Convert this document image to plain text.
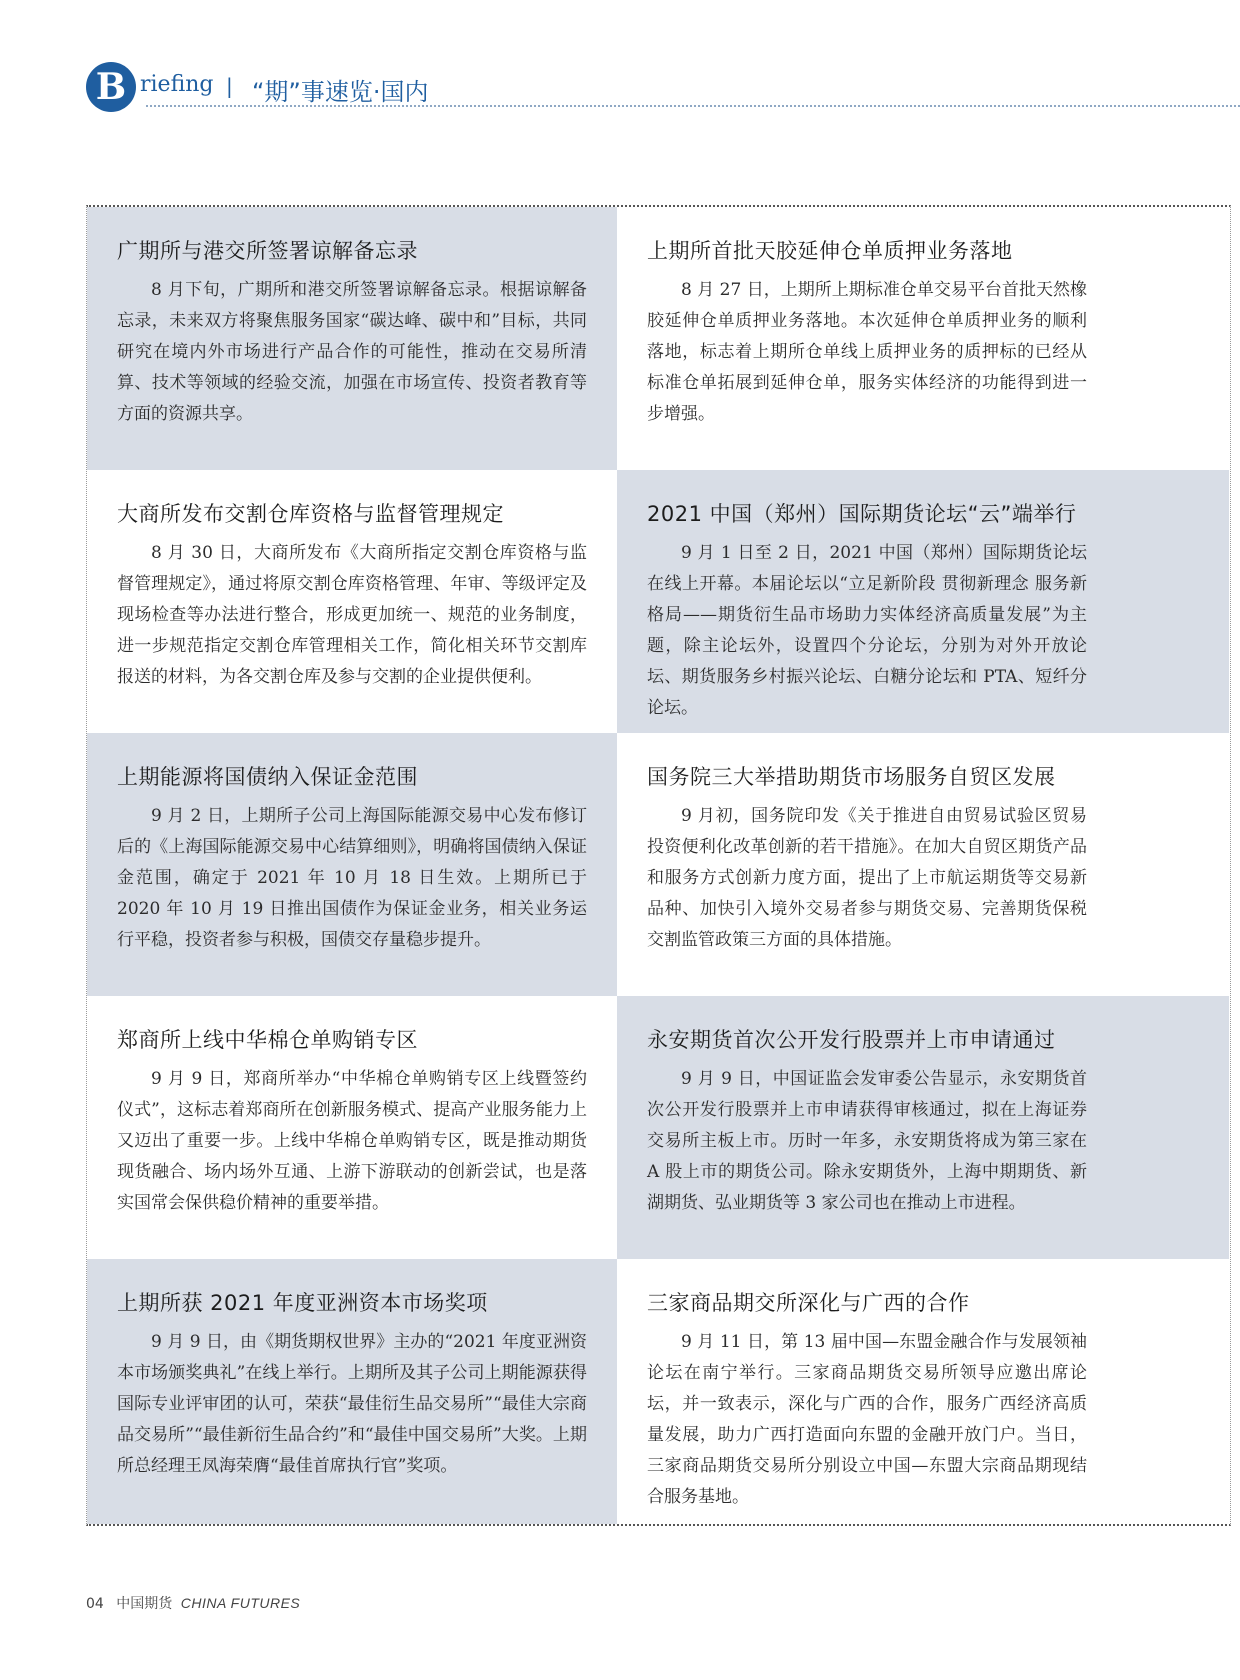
B riefing | “期”事速览·国内
广期所与港交所签署谅解备忘录

8 月下旬，广期所和港交所签署谅解备忘录。根据谅解备忘录，未来双方将聚焦服务国家“碳达峰、碳中和”目标，共同研究在境内外市场进行产品合作的可能性，推动在交易所清算、技术等领域的经验交流，加强在市场宣传、投资者教育等方面的资源共享。

上期所首批天胶延伸仓单质押业务落地

8 月 27 日，上期所上期标准仓单交易平台首批天然橡胶延伸仓单质押业务落地。本次延伸仓单质押业务的顺利落地，标志着上期所仓单线上质押业务的质押标的已经从标准仓单拓展到延伸仓单，服务实体经济的功能得到进一步增强。

大商所发布交割仓库资格与监督管理规定

8 月 30 日，大商所发布《大商所指定交割仓库资格与监督管理规定》，通过将原交割仓库资格管理、年审、等级评定及现场检查等办法进行整合，形成更加统一、规范的业务制度，进一步规范指定交割仓库管理相关工作，简化相关环节交割库报送的材料，为各交割仓库及参与交割的企业提供便利。

2021 中国（郑州）国际期货论坛“云”端举行

9 月 1 日至 2 日，2021 中国（郑州）国际期货论坛在线上开幕。本届论坛以“立足新阶段 贯彻新理念 服务新格局——期货衍生品市场助力实体经济高质量发展”为主题，除主论坛外，设置四个分论坛，分别为对外开放论坛、期货服务乡村振兴论坛、白糖分论坛和 PTA、短纤分论坛。

上期能源将国债纳入保证金范围

9 月 2 日，上期所子公司上海国际能源交易中心发布修订后的《上海国际能源交易中心结算细则》，明确将国债纳入保证金范围，确定于 2021 年 10 月 18 日生效。上期所已于 2020 年 10 月 19 日推出国债作为保证金业务，相关业务运行平稳，投资者参与积极，国债交存量稳步提升。

国务院三大举措助期货市场服务自贸区发展

9 月初，国务院印发《关于推进自由贸易试验区贸易投资便利化改革创新的若干措施》。在加大自贸区期货产品和服务方式创新力度方面，提出了上市航运期货等交易新品种、加快引入境外交易者参与期货交易、完善期货保税交割监管政策三方面的具体措施。

郑商所上线中华棉仓单购销专区

9 月 9 日，郑商所举办“中华棉仓单购销专区上线暨签约仪式”，这标志着郑商所在创新服务模式、提高产业服务能力上又迈出了重要一步。上线中华棉仓单购销专区，既是推动期货现货融合、场内场外互通、上游下游联动的创新尝试，也是落实国常会保供稳价精神的重要举措。

永安期货首次公开发行股票并上市申请通过

9 月 9 日，中国证监会发审委公告显示，永安期货首次公开发行股票并上市申请获得审核通过，拟在上海证券交易所主板上市。历时一年多，永安期货将成为第三家在 A 股上市的期货公司。除永安期货外，上海中期期货、新湖期货、弘业期货等 3 家公司也在推动上市进程。

上期所获 2021 年度亚洲资本市场奖项

9 月 9 日，由《期货期权世界》主办的“2021 年度亚洲资本市场颁奖典礼”在线上举行。上期所及其子公司上期能源获得国际专业评审团的认可，荣获“最佳衍生品交易所”“最佳大宗商品交易所”“最佳新衍生品合约”和“最佳中国交易所”大奖。上期所总经理王凤海荣膺“最佳首席执行官”奖项。

三家商品期交所深化与广西的合作

9 月 11 日，第 13 届中国—东盟金融合作与发展领袖论坛在南宁举行。三家商品期货交易所领导应邀出席论坛，并一致表示，深化与广西的合作，服务广西经济高质量发展，助力广西打造面向东盟的金融开放门户。当日，三家商品期货交易所分别设立中国—东盟大宗商品期现结合服务基地。

04 中国期货 CHINA FUTURES
